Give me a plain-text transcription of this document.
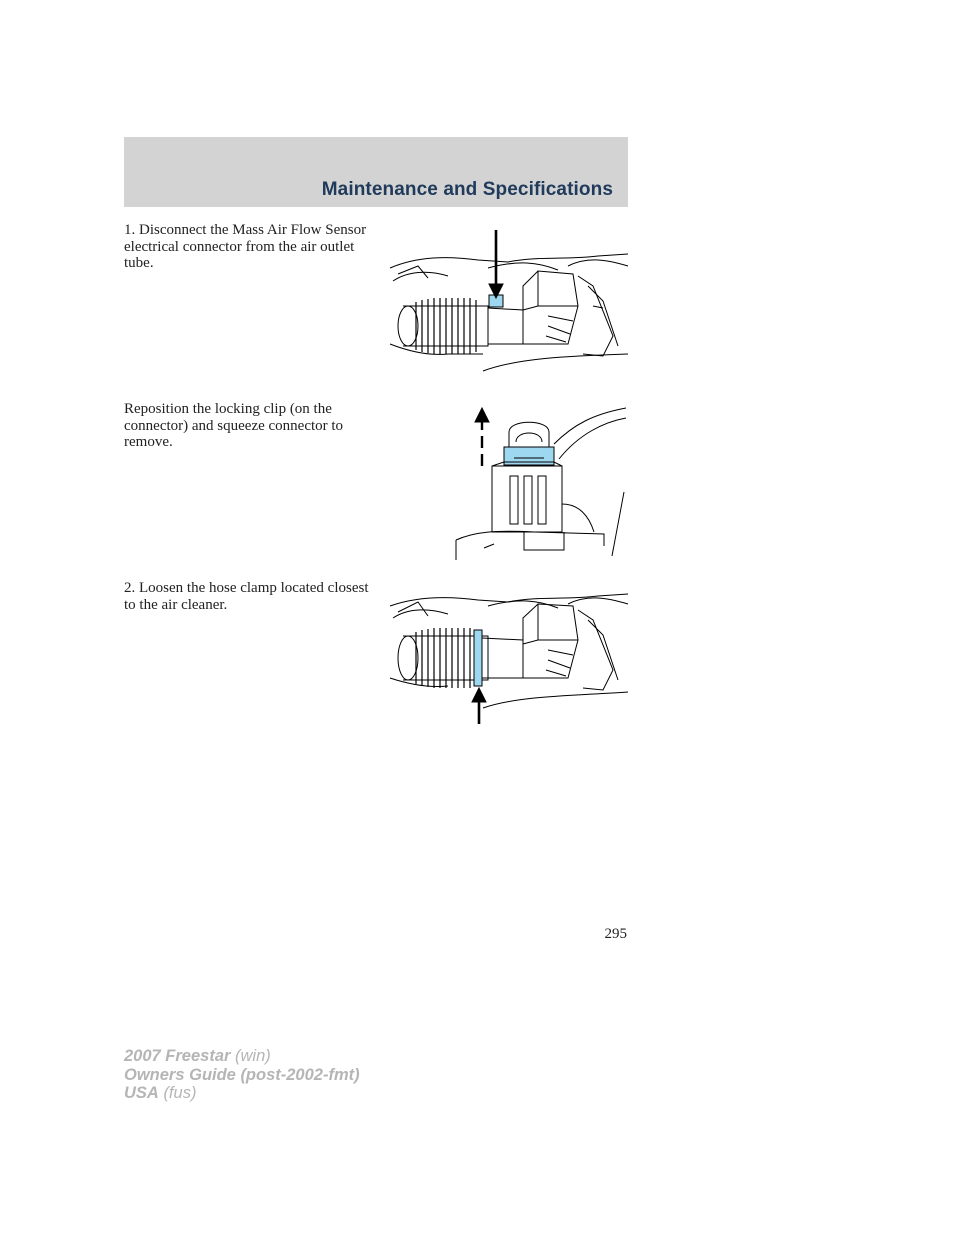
Maintenance and Specifications

1. Disconnect the Mass Air Flow Sensor electrical connector from the air outlet tube.

Reposition the locking clip (on the connector) and squeeze connector to remove.

2. Loosen the hose clamp located closest to the air cleaner.

295

2007 Freestar (win)
Owners Guide (post-2002-fmt)
USA (fus)
